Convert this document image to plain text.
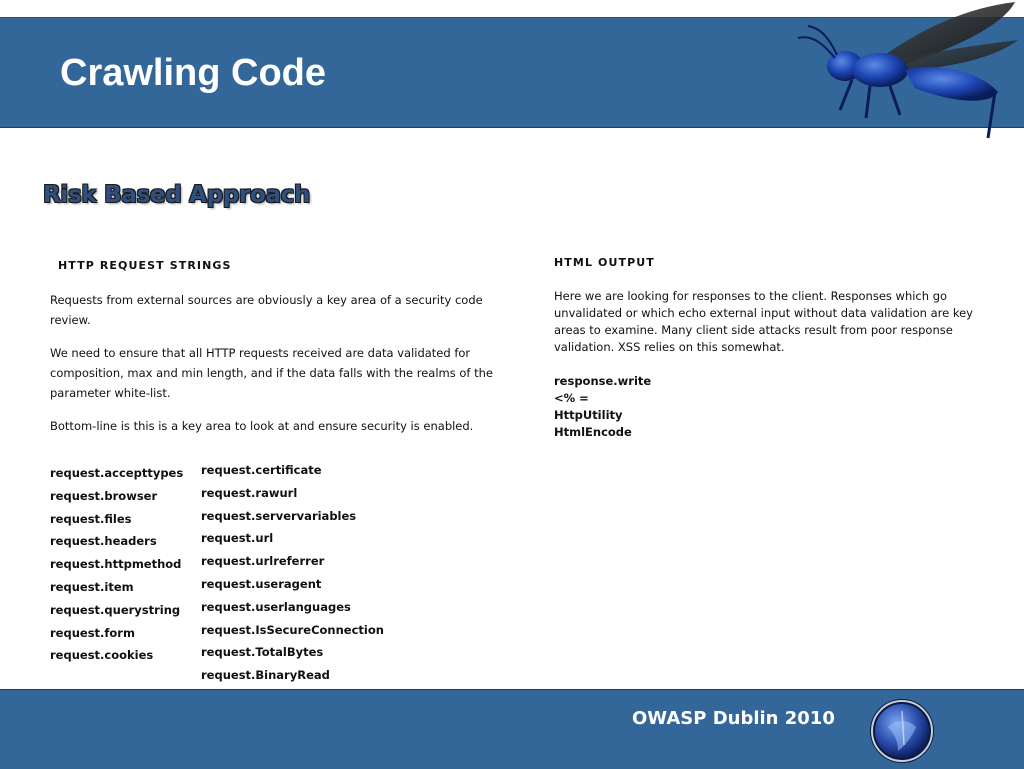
Crawling Code
Risk Based Approach
HTTP REQUEST STRINGS

Requests from external sources are obviously a key area of a security code review.

We need to ensure that all HTTP requests received are data validated for composition, max and min length, and if the data falls with the realms of the parameter white-list.

Bottom-line is this is a key area to look at and ensure security is enabled.

request.accepttypes
request.browser
request.files
request.headers
request.httpmethod
request.item
request.querystring
request.form
request.cookies
request.certificate
request.rawurl
request.servervariables
request.url
request.urlreferrer
request.useragent
request.userlanguages
request.IsSecureConnection
request.TotalBytes
request.BinaryRead
HTML OUTPUT

Here we are looking for responses to the client. Responses which go unvalidated or which echo external input without data validation are key areas to examine. Many client side attacks result from poor response validation. XSS relies on this somewhat.

response.write
<% =
HttpUtility
HtmlEncode
OWASP Dublin 2010
